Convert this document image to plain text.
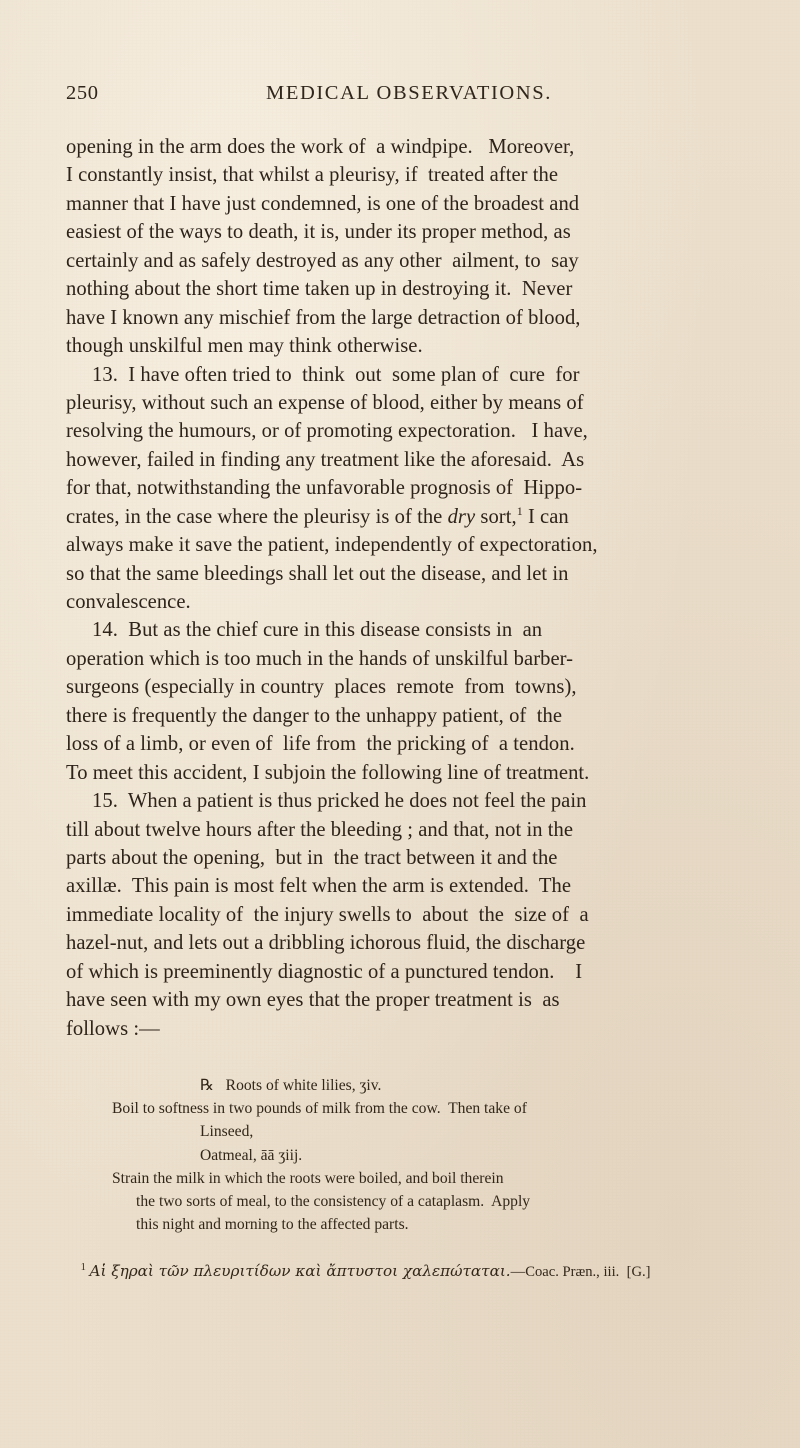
250	MEDICAL OBSERVATIONS.
opening in the arm does the work of  a windpipe.   Moreover,
I constantly insist, that whilst a pleurisy, if  treated after the
manner that I have just condemned, is one of the broadest and
easiest of the ways to death, it is, under its proper method, as
certainly and as safely destroyed as any other  ailment, to  say
nothing about the short time taken up in destroying it.  Never
have I known any mischief from the large detraction of blood,
though unskilful men may think otherwise.
13.  I have often tried to  think  out  some plan of  cure  for
pleurisy, without such an expense of blood, either by means of
resolving the humours, or of promoting expectoration.   I have,
however, failed in finding any treatment like the aforesaid.  As
for that, notwithstanding the unfavorable prognosis of  Hippo-
crates, in the case where the pleurisy is of the dry sort,$^1$ I can
always make it save the patient, independently of expectoration,
so that the same bleedings shall let out the disease, and let in
convalescence.
14.  But as the chief cure in this disease consists in  an
operation which is too much in the hands of unskilful barber-
surgeons (especially in country  places  remote  from  towns),
there is frequently the danger to the unhappy patient, of  the
loss of a limb, or even of  life from  the pricking of  a tendon.
To meet this accident, I subjoin the following line of treatment.
15.  When a patient is thus pricked he does not feel the pain
till about twelve hours after the bleeding ; and that, not in the
parts about the opening,  but in  the tract between it and the
axillæ.  This pain is most felt when the arm is extended.  The
immediate locality of  the injury swells to  about  the  size of  a
hazel-nut, and lets out a dribbling ichorous fluid, the discharge
of which is preeminently diagnostic of a punctured tendon.    I
have seen with my own eyes that the proper treatment is  as
follows :—
℞   Roots of white lilies, ʒiv.
Boil to softness in two pounds of milk from the cow.  Then take of
Linseed,
Oatmeal, āā ʒiij.
Strain the milk in which the roots were boiled, and boil therein
the two sorts of meal, to the consistency of a cataplasm.  Apply
this night and morning to the affected parts.

$^1$ Αἱ ξηραὶ τῶν πλευριτίδων καὶ ἄπτυστοι χαλεπώταται.—Coac. Præn., iii. [G.]
